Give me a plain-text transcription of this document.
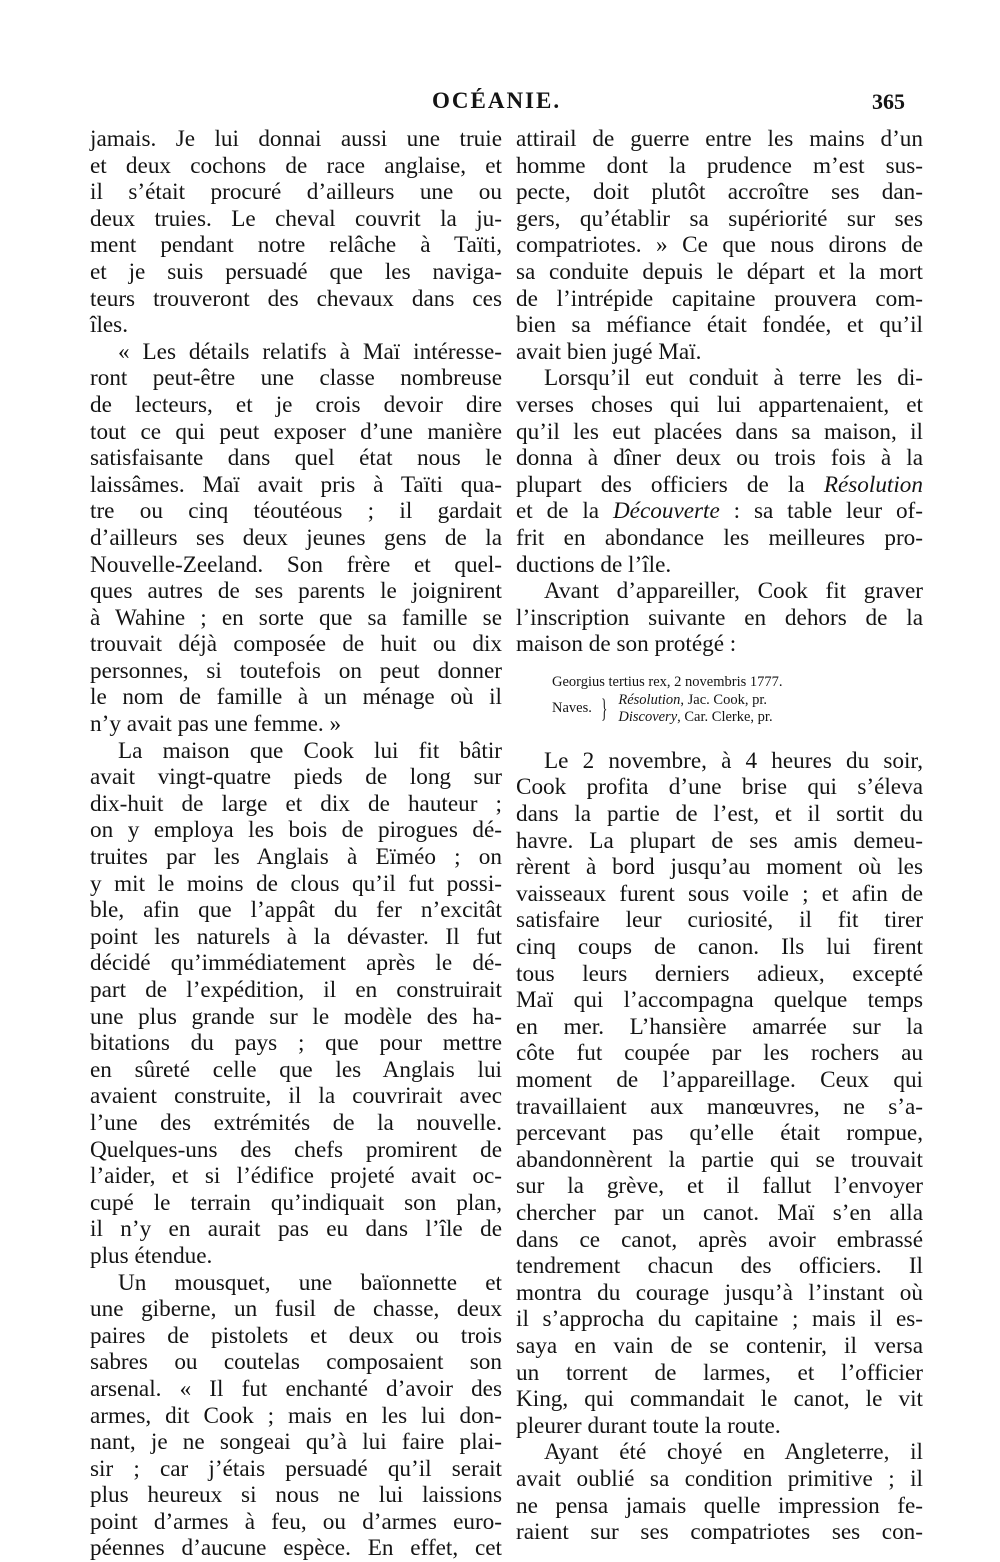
OCÉANIE.	365
jamais. Je lui donnai aussi une truie
et deux cochons de race anglaise, et
il s’était procuré d’ailleurs une ou
deux truies. Le cheval couvrit la ju-
ment pendant notre relâche à Taïti,
et je suis persuadé que les naviga-
teurs trouveront des chevaux dans ces
îles.
« Les détails relatifs à Maï intéresse-
ront peut-être une classe nombreuse
de lecteurs, et je crois devoir dire
tout ce qui peut exposer d’une manière
satisfaisante dans quel état nous le
laissâmes. Maï avait pris à Taïti qua-
tre ou cinq téoutéous ; il gardait
d’ailleurs ses deux jeunes gens de la
Nouvelle-Zeeland. Son frère et quel-
ques autres de ses parents le joignirent
à Wahine ; en sorte que sa famille se
trouvait déjà composée de huit ou dix
personnes, si toutefois on peut donner
le nom de famille à un ménage où il
n’y avait pas une femme. »
La maison que Cook lui fit bâtir
avait vingt-quatre pieds de long sur
dix-huit de large et dix de hauteur ;
on y employa les bois de pirogues dé-
truites par les Anglais à Eïméo ; on
y mit le moins de clous qu’il fut possi-
ble, afin que l’appât du fer n’excitât
point les naturels à la dévaster. Il fut
décidé qu’immédiatement après le dé-
part de l’expédition, il en construirait
une plus grande sur le modèle des ha-
bitations du pays ; que pour mettre
en sûreté celle que les Anglais lui
avaient construite, il la couvrirait avec
l’une des extrémités de la nouvelle.
Quelques-uns des chefs promirent de
l’aider, et si l’édifice projeté avait oc-
cupé le terrain qu’indiquait son plan,
il n’y en aurait pas eu dans l’île de
plus étendue.
Un mousquet, une baïonnette et
une giberne, un fusil de chasse, deux
paires de pistolets et deux ou trois
sabres ou coutelas composaient son
arsenal. « Il fut enchanté d’avoir des
armes, dit Cook ; mais en les lui don-
nant, je ne songeai qu’à lui faire plai-
sir ; car j’étais persuadé qu’il serait
plus heureux si nous ne lui laissions
point d’armes à feu, ou d’armes euro-
péennes d’aucune espèce. En effet, cet
attirail de guerre entre les mains d’un
homme dont la prudence m’est sus-
pecte, doit plutôt accroître ses dan-
gers, qu’établir sa supériorité sur ses
compatriotes. » Ce que nous dirons de
sa conduite depuis le départ et la mort
de l’intrépide capitaine prouvera com-
bien sa méfiance était fondée, et qu’il
avait bien jugé Maï.
Lorsqu’il eut conduit à terre les di-
verses choses qui lui appartenaient, et
qu’il les eut placées dans sa maison, il
donna à dîner deux ou trois fois à la
plupart des officiers de la Résolution
et de la Découverte : sa table leur of-
frit en abondance les meilleures pro-
ductions de l’île.
Avant d’appareiller, Cook fit graver
l’inscription suivante en dehors de la
maison de son protégé :
Georgius tertius rex, 2 novembris 1777.
Naves. } Résolution, Jac. Cook, pr.
Discovery, Car. Clerke, pr.
Le 2 novembre, à 4 heures du soir,
Cook profita d’une brise qui s’éleva
dans la partie de l’est, et il sortit du
havre. La plupart de ses amis demeu-
rèrent à bord jusqu’au moment où les
vaisseaux furent sous voile ; et afin de
satisfaire leur curiosité, il fit tirer
cinq coups de canon. Ils lui firent
tous leurs derniers adieux, excepté
Maï qui l’accompagna quelque temps
en mer. L’hansière amarrée sur la
côte fut coupée par les rochers au
moment de l’appareillage. Ceux qui
travaillaient aux manœuvres, ne s’a-
percevant pas qu’elle était rompue,
abandonnèrent la partie qui se trouvait
sur la grève, et il fallut l’envoyer
chercher par un canot. Maï s’en alla
dans ce canot, après avoir embrassé
tendrement chacun des officiers. Il
montra du courage jusqu’à l’instant où
il s’approcha du capitaine ; mais il es-
saya en vain de se contenir, il versa
un torrent de larmes, et l’officier
King, qui commandait le canot, le vit
pleurer durant toute la route.
Ayant été choyé en Angleterre, il
avait oublié sa condition primitive ; il
ne pensa jamais quelle impression fe-
raient sur ses compatriotes ses con-
